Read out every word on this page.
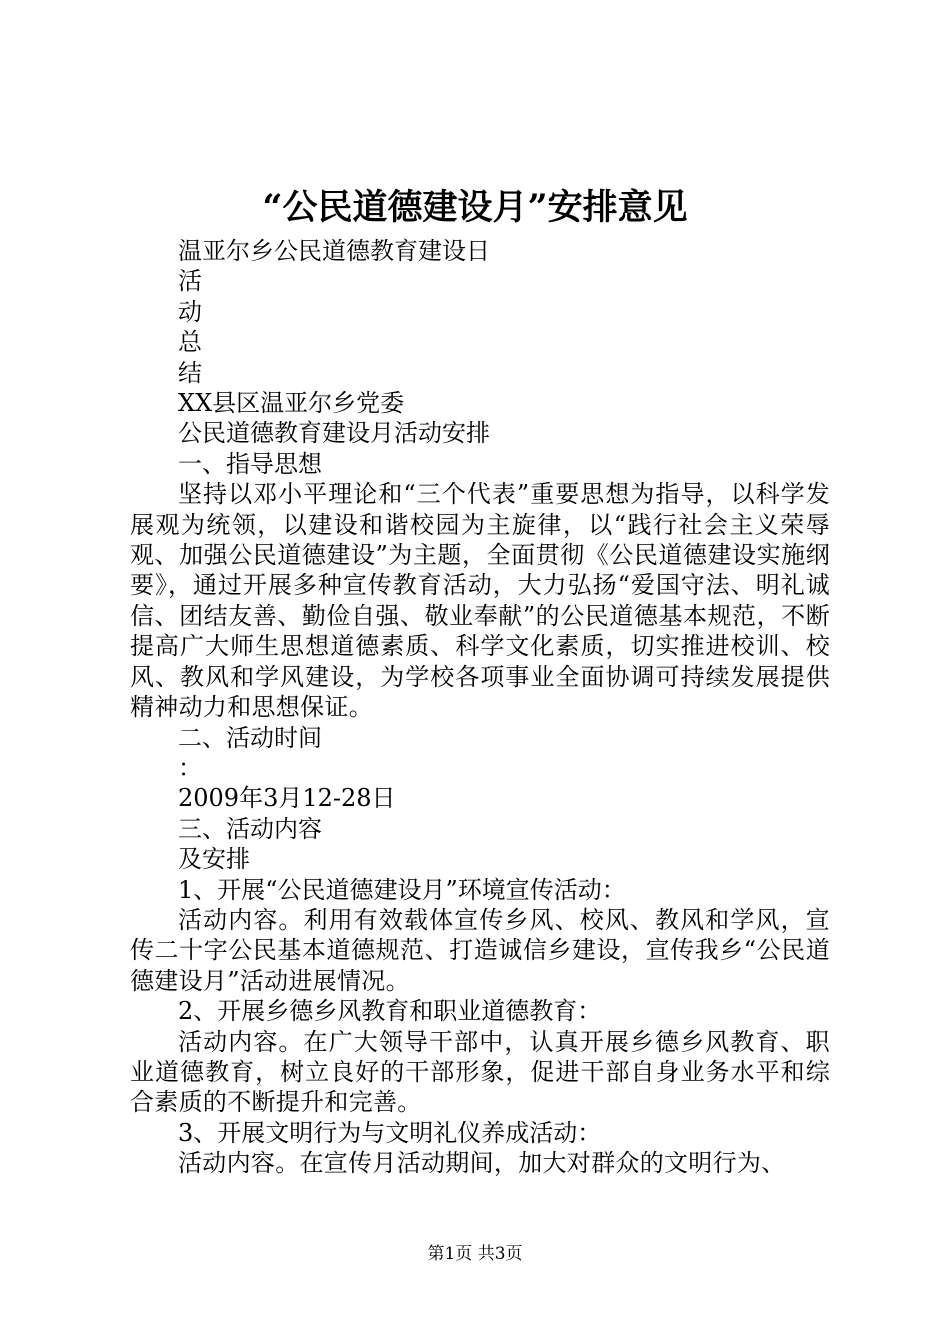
“公民道德建设月”安排意见

温亚尔乡公民道德教育建设日

活

动

总

结

XX县区温亚尔乡党委

公民道德教育建设月活动安排

一、指导思想

坚持以邓小平理论和“三个代表”重要思想为指导，以科学发展观为统领，以建设和谐校园为主旋律，以“践行社会主义荣辱观、加强公民道德建设”为主题，全面贯彻《公民道德建设实施纲要》，通过开展多种宣传教育活动，大力弘扬“爱国守法、明礼诚信、团结友善、勤俭自强、敬业奉献”的公民道德基本规范，不断提高广大师生思想道德素质、科学文化素质，切实推进校训、校风、教风和学风建设，为学校各项事业全面协调可持续发展提供精神动力和思想保证。

二、活动时间

：

2009年3月12-28日

三、活动内容

及安排

1、开展“公民道德建设月”环境宣传活动：

活动内容。利用有效载体宣传乡风、校风、教风和学风，宣传二十字公民基本道德规范、打造诚信乡建设，宣传我乡“公民道德建设月”活动进展情况。

2、开展乡德乡风教育和职业道德教育：

活动内容。在广大领导干部中，认真开展乡德乡风教育、职业道德教育，树立良好的干部形象，促进干部自身业务水平和综合素质的不断提升和完善。

3、开展文明行为与文明礼仪养成活动：

活动内容。在宣传月活动期间，加大对群众的文明行为、

第1页 共3页
